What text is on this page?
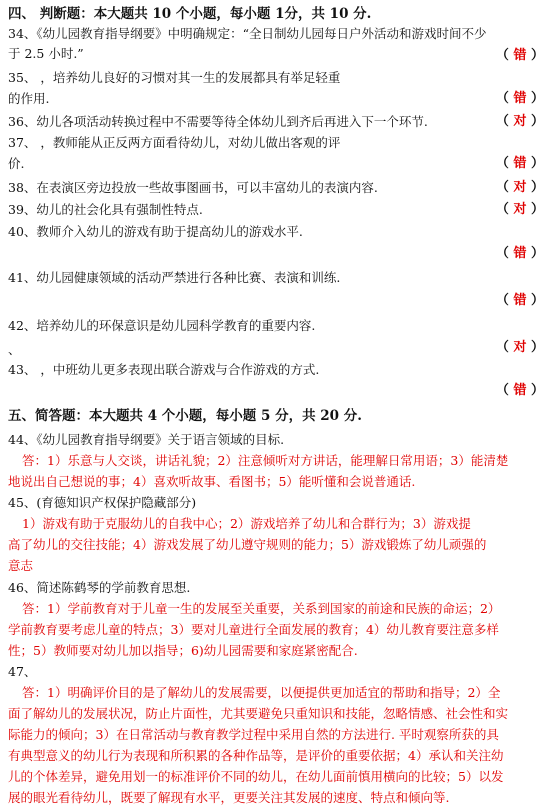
四、 判断题：本大题共 10 个小题，每小题 1分，共 10 分.
34、《幼儿园教育指导纲要》中明确规定：“全日制幼儿园每日户外活动和游戏时间不少
于 2.5 小时.”	（ 错 ）
35、 ，培养幼儿良好的习惯对其一生的发展都具有举足轻重
的作用.	（ 错 ）
36、幼儿各项活动转换过程中不需要等待全体幼儿到齐后再进入下一个环节.	（ 对 ）
37、 ，教师能从正反两方面看待幼儿，对幼儿做出客观的评
价.	（ 错 ）
38、在表演区旁边投放一些故事图画书，可以丰富幼儿的表演内容.	（ 对 ）
39、幼儿的社会化具有强制性特点.	（ 对 ）
40、教师介入幼儿的游戏有助于提高幼儿的游戏水平.
（ 错 ）
41、幼儿园健康领域的活动严禁进行各种比赛、表演和训练.
（ 错 ）
42、培养幼儿的环保意识是幼儿园科学教育的重要内容.
、	（ 对 ）
43、 ，中班幼儿更多表现出联合游戏与合作游戏的方式.
（ 错 ）
五、简答题：本大题共 4 个小题，每小题 5 分，共 20 分.
44、《幼儿园教育指导纲要》关于语言领域的目标.
答：1）乐意与人交谈，讲话礼貌；2）注意倾听对方讲话，能理解日常用语；3）能清楚
地说出自己想说的事；4）喜欢听故事、看图书；5）能听懂和会说普通话.
45、(育德知识产权保护隐藏部分)
1）游戏有助于克服幼儿的自我中心；2）游戏培养了幼儿和合群行为；3）游戏提
高了幼儿的交往技能；4）游戏发展了幼儿遵守规则的能力；5）游戏锻炼了幼儿顽强的
意志
46、简述陈鹤琴的学前教育思想.
答：1）学前教育对于儿童一生的发展至关重要，关系到国家的前途和民族的命运；2）
学前教育要考虑儿童的特点；3）要对儿童进行全面发展的教育；4）幼儿教育要注意多样
性；5）教师要对幼儿加以指导；6)幼儿园需要和家庭紧密配合.
47、
答：1）明确评价目的是了解幼儿的发展需要，以便提供更加适宜的帮助和指导；2）全
面了解幼儿的发展状况，防止片面性，尤其要避免只重知识和技能，忽略情感、社会性和实
际能力的倾向；3）在日常活动与教育教学过程中采用自然的方法进行. 平时观察所获的具
有典型意义的幼儿行为表现和所积累的各种作品等，是评价的重要依据；4）承认和关注幼
儿的个体差异，避免用划一的标准评价不同的幼儿，在幼儿面前慎用横向的比较；5）以发
展的眼光看待幼儿，既要了解现有水平，更要关注其发展的速度、特点和倾向等.
